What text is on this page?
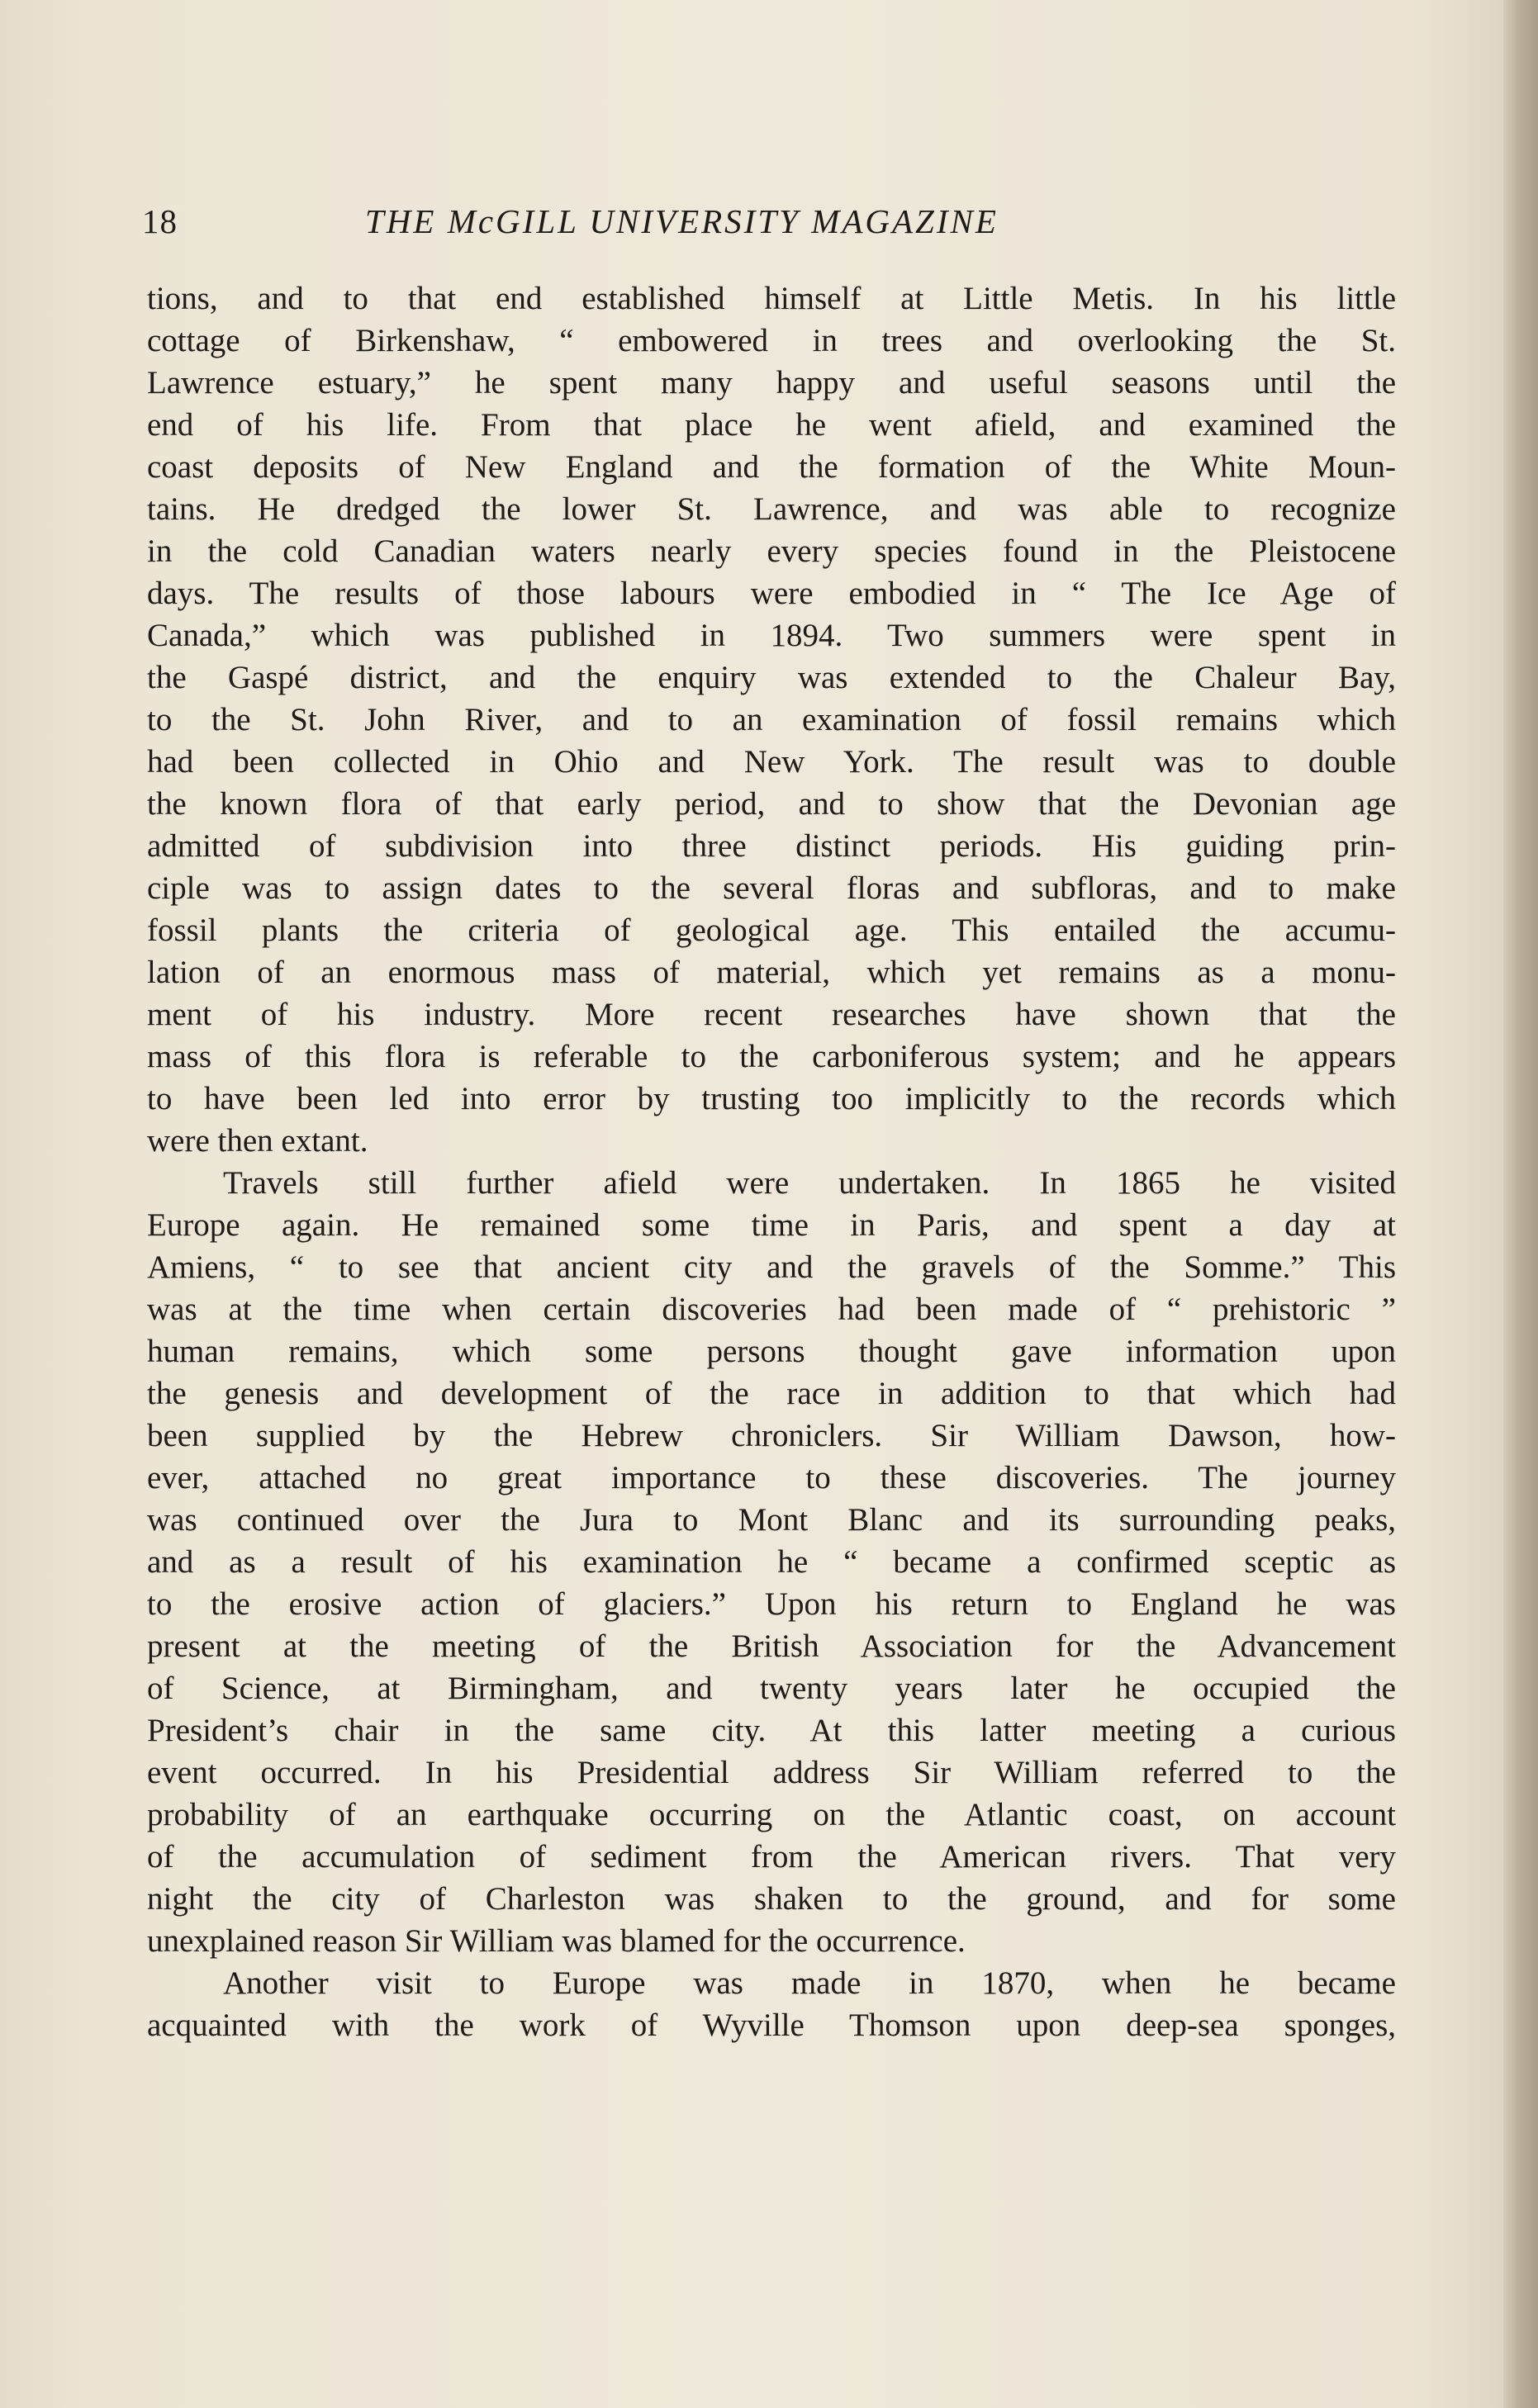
18	THE McGILL UNIVERSITY MAGAZINE
tions, and to that end established himself at Little Metis. In his little
cottage of Birkenshaw, “ embowered in trees and overlooking the St.
Lawrence estuary,” he spent many happy and useful seasons until the
end of his life. From that place he went afield, and examined the
coast deposits of New England and the formation of the White Moun-
tains. He dredged the lower St. Lawrence, and was able to recognize
in the cold Canadian waters nearly every species found in the Pleistocene
days. The results of those labours were embodied in “ The Ice Age of
Canada,” which was published in 1894. Two summers were spent in
the Gaspé district, and the enquiry was extended to the Chaleur Bay,
to the St. John River, and to an examination of fossil remains which
had been collected in Ohio and New York. The result was to double
the known flora of that early period, and to show that the Devonian age
admitted of subdivision into three distinct periods. His guiding prin-
ciple was to assign dates to the several floras and subfloras, and to make
fossil plants the criteria of geological age. This entailed the accumu-
lation of an enormous mass of material, which yet remains as a monu-
ment of his industry. More recent researches have shown that the
mass of this flora is referable to the carboniferous system; and he appears
to have been led into error by trusting too implicitly to the records which
were then extant.
Travels still further afield were undertaken. In 1865 he visited
Europe again. He remained some time in Paris, and spent a day at
Amiens, “ to see that ancient city and the gravels of the Somme.” This
was at the time when certain discoveries had been made of “ prehistoric ”
human remains, which some persons thought gave information upon
the genesis and development of the race in addition to that which had
been supplied by the Hebrew chroniclers. Sir William Dawson, how-
ever, attached no great importance to these discoveries. The journey
was continued over the Jura to Mont Blanc and its surrounding peaks,
and as a result of his examination he “ became a confirmed sceptic as
to the erosive action of glaciers.” Upon his return to England he was
present at the meeting of the British Association for the Advancement
of Science, at Birmingham, and twenty years later he occupied the
President’s chair in the same city. At this latter meeting a curious
event occurred. In his Presidential address Sir William referred to the
probability of an earthquake occurring on the Atlantic coast, on account
of the accumulation of sediment from the American rivers. That very
night the city of Charleston was shaken to the ground, and for some
unexplained reason Sir William was blamed for the occurrence.
Another visit to Europe was made in 1870, when he became
acquainted with the work of Wyville Thomson upon deep-sea sponges,
